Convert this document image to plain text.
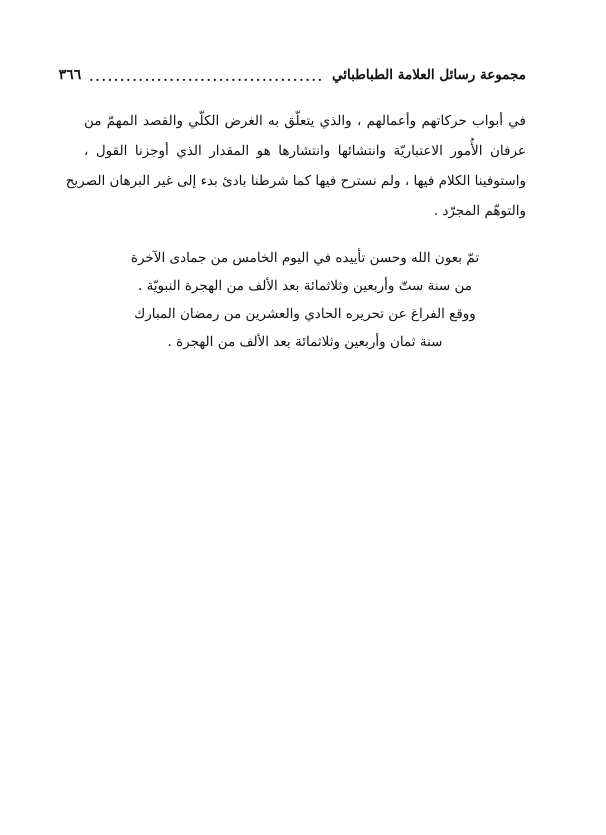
مجموعة رسائل العلامة الطباطبائي
......................................
٣٦٦
في أبواب حركاتهم وأعمالهم ، والذي يتعلّق به الغرض الكلّي والقصد المهمّ من
عرفان الأُمور الاعتباريّة وانتشائها وانتشارها هو المقدار الذي أوجزنا القول ،
واستوفينا الكلام فيها ، ولم نسترح فيها كما شرطنا بادئ بدء إلى غير البرهان الصريح
والتوهّم المجرّد .
تمّ بعون الله وحسن تأييده في اليوم الخامس من جمادى الآخرة
من سنة ستّ وأربعين وثلاثمائة بعد الألف من الهجرة النبويّة .
ووقع الفراغ عن تحريره الحادي والعشرين من رمضان المبارك
سنة ثمان وأربعين وثلاثمائة بعد الألف من الهجرة .
